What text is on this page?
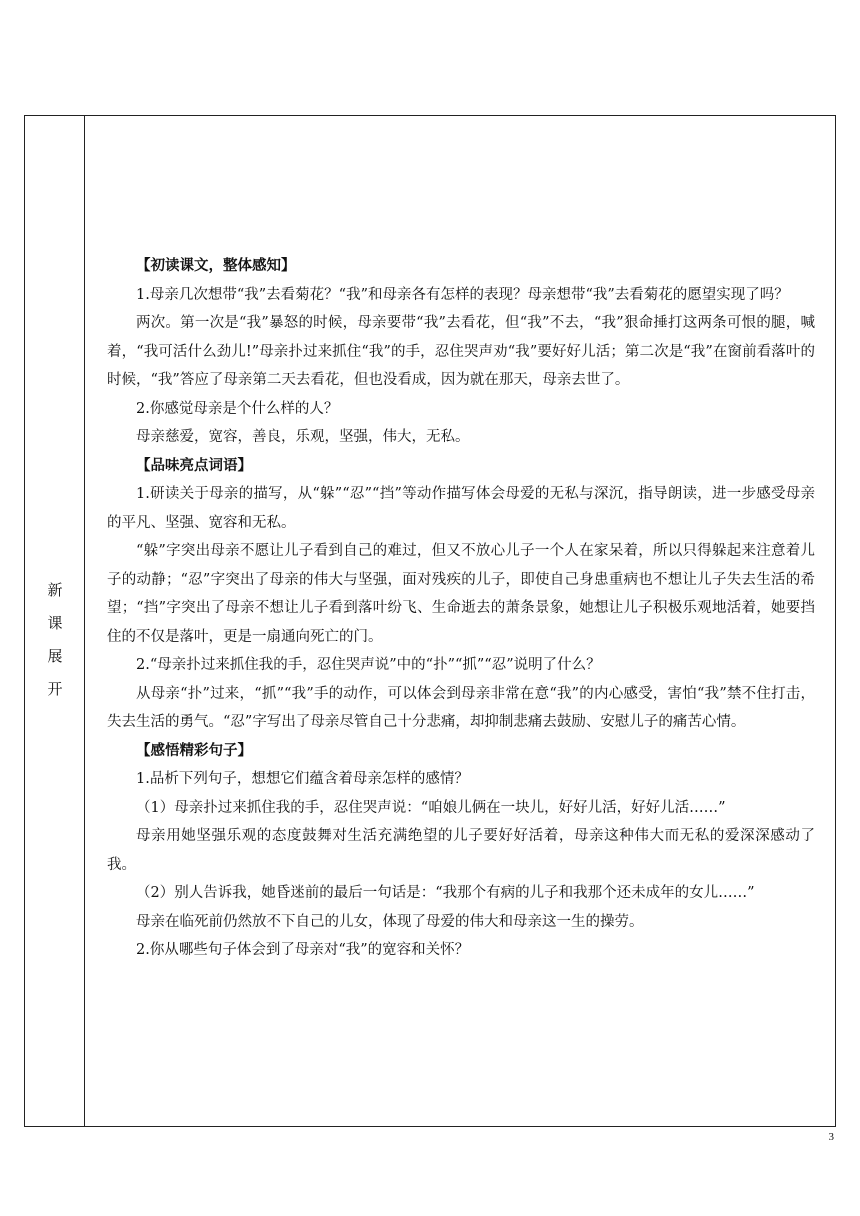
新
课
展
开

【初读课文，整体感知】

1.母亲几次想带“我”去看菊花？“我”和母亲各有怎样的表现？母亲想带“我”去看菊花的愿望实现了吗？

两次。第一次是“我”暴怒的时候，母亲要带“我”去看花，但“我”不去，“我”狠命捶打这两条可恨的腿，喊着，“我可活什么劲儿!”母亲扑过来抓住“我”的手，忍住哭声劝“我”要好好儿活；第二次是“我”在窗前看落叶的时候，“我”答应了母亲第二天去看花，但也没看成，因为就在那天，母亲去世了。

2.你感觉母亲是个什么样的人？

母亲慈爱，宽容，善良，乐观，坚强，伟大，无私。

【品味亮点词语】

1.研读关于母亲的描写，从“躲”“忍”“挡”等动作描写体会母爱的无私与深沉，指导朗读，进一步感受母亲的平凡、坚强、宽容和无私。

“躲”字突出母亲不愿让儿子看到自己的难过，但又不放心儿子一个人在家呆着，所以只得躲起来注意着儿子的动静；“忍”字突出了母亲的伟大与坚强，面对残疾的儿子，即使自己身患重病也不想让儿子失去生活的希望；“挡”字突出了母亲不想让儿子看到落叶纷飞、生命逝去的萧条景象，她想让儿子积极乐观地活着，她要挡住的不仅是落叶，更是一扇通向死亡的门。

2.“母亲扑过来抓住我的手，忍住哭声说”中的“扑”“抓”“忍”说明了什么？

从母亲“扑”过来，“抓”“我”手的动作，可以体会到母亲非常在意“我”的内心感受，害怕“我”禁不住打击，失去生活的勇气。“忍”字写出了母亲尽管自己十分悲痛，却抑制悲痛去鼓励、安慰儿子的痛苦心情。

【感悟精彩句子】

1.品析下列句子，想想它们蕴含着母亲怎样的感情？

（1）母亲扑过来抓住我的手，忍住哭声说：“咱娘儿俩在一块儿，好好儿活，好好儿活……”

母亲用她坚强乐观的态度鼓舞对生活充满绝望的儿子要好好活着，母亲这种伟大而无私的爱深深感动了我。

（2）别人告诉我，她昏迷前的最后一句话是：“我那个有病的儿子和我那个还未成年的女儿……”

母亲在临死前仍然放不下自己的儿女，体现了母爱的伟大和母亲这一生的操劳。

2.你从哪些句子体会到了母亲对“我”的宽容和关怀？

3
